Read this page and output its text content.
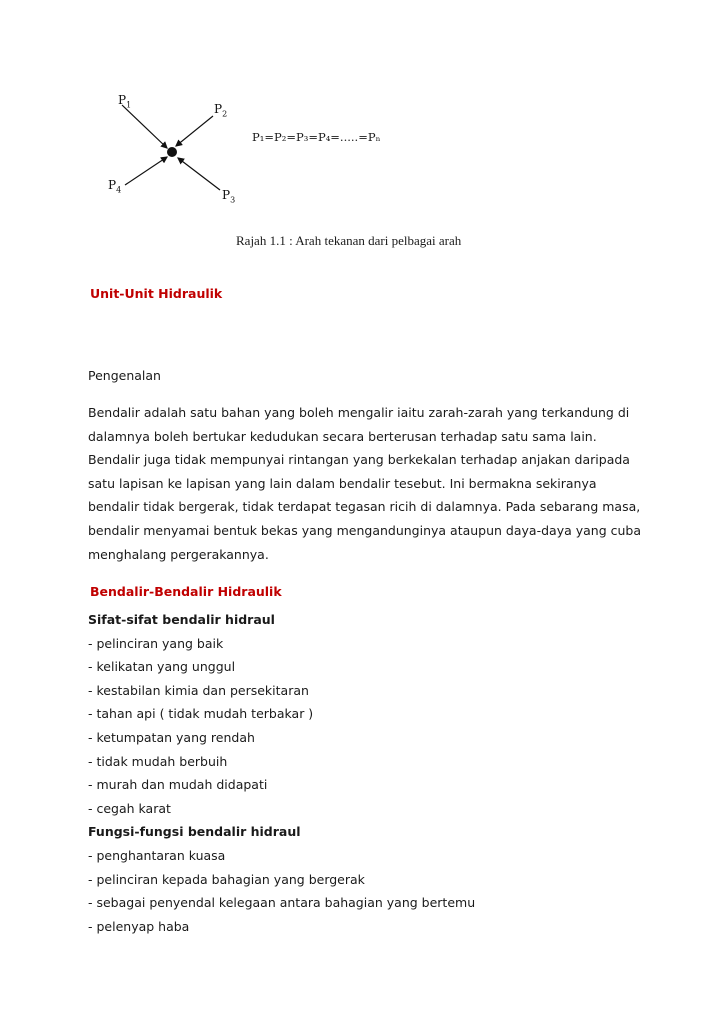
$P_1$	$P_2$
$P_4$	$P_3$
P₁=P₂=P₃=P₄=.....=Pₙ
Rajah 1.1 : Arah tekanan dari pelbagai arah
Unit-Unit Hidraulik
Pengenalan
Bendalir adalah satu bahan yang boleh mengalir iaitu zarah-zarah yang terkandung di
dalamnya boleh bertukar kedudukan secara berterusan terhadap satu sama lain.
Bendalir juga tidak mempunyai rintangan yang berkekalan terhadap anjakan daripada
satu lapisan ke lapisan yang lain dalam bendalir tesebut. Ini bermakna sekiranya
bendalir tidak bergerak, tidak terdapat tegasan ricih di dalamnya. Pada sebarang masa,
bendalir menyamai bentuk bekas yang mengandunginya ataupun daya-daya yang cuba
menghalang pergerakannya.
Bendalir-Bendalir Hidraulik
Sifat-sifat bendalir hidraul
- pelinciran yang baik
- kelikatan yang unggul
- kestabilan kimia dan persekitaran
- tahan api ( tidak mudah terbakar )
- ketumpatan yang rendah
- tidak mudah berbuih
- murah dan mudah didapati
- cegah karat
Fungsi-fungsi bendalir hidraul
- penghantaran kuasa
- pelinciran kepada bahagian yang bergerak
- sebagai penyendal kelegaan antara bahagian yang bertemu
- pelenyap haba
